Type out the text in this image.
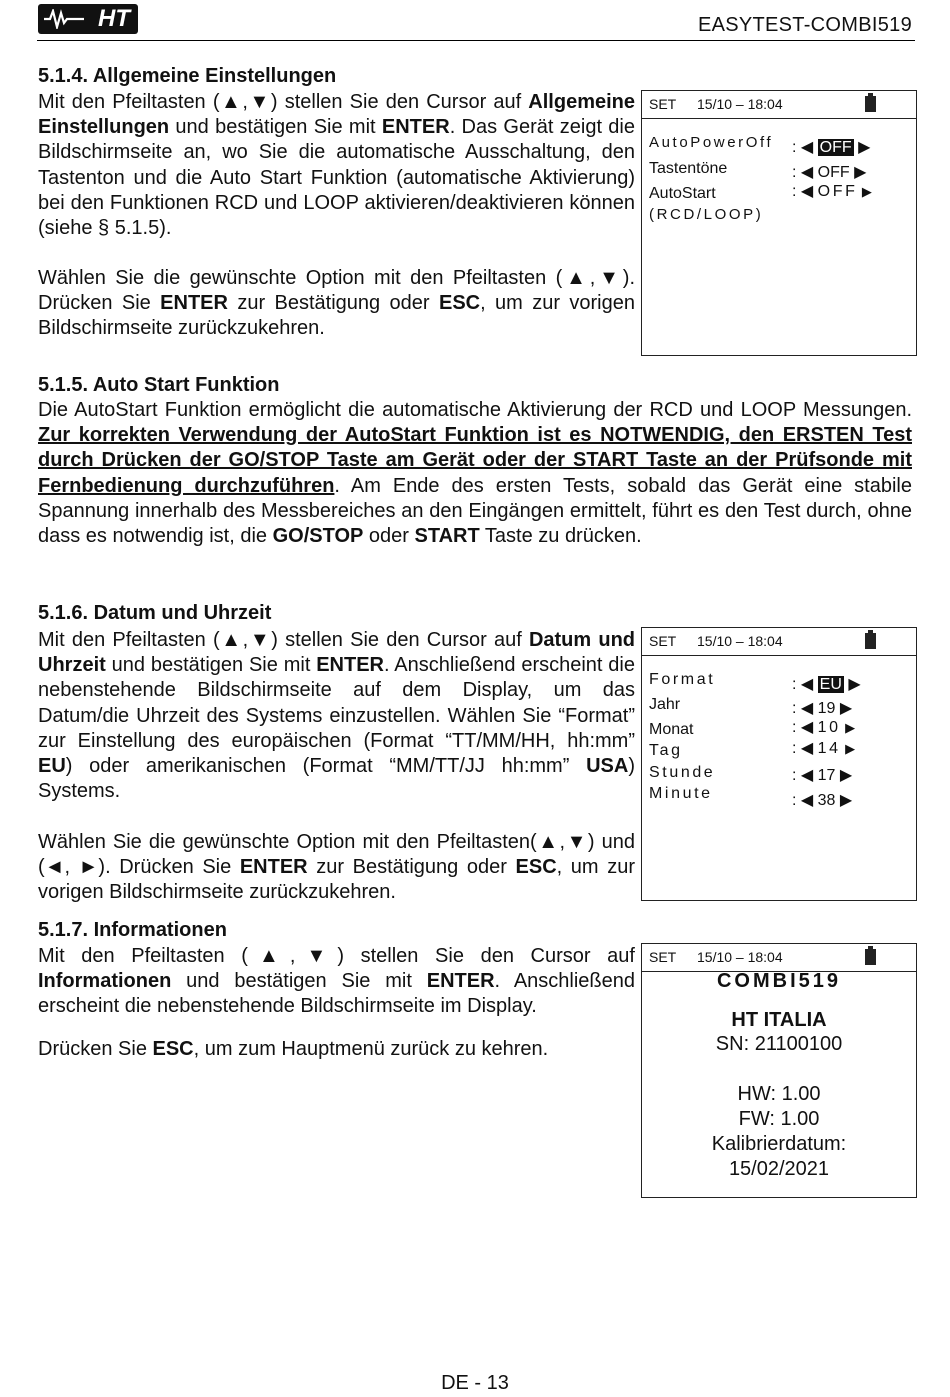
HT	EASYTEST-COMBI519
5.1.4. Allgemeine Einstellungen
Mit den Pfeiltasten (▲,▼) stellen Sie den Cursor auf Allgemeine Einstellungen und bestätigen Sie mit ENTER. Das Gerät zeigt die Bildschirmseite an, wo Sie die automatische Ausschaltung, den Tastenton und die Auto Start Funktion (automatische Aktivierung) bei den Funktionen RCD und LOOP aktivieren/deaktivieren können (siehe § 5.1.5).
Wählen Sie die gewünschte Option mit den Pfeiltasten (▲,▼). Drücken Sie ENTER zur Bestätigung oder ESC, um zur vorigen Bildschirmseite zurückzukehren.
SET 15/10 – 18:04
AutoPowerOff : ◀ OFF ▶
Tastentöne	: ◀ OFF ▶
AutoStart	: ◀ OFF ▶
(RCD/LOOP)
5.1.5. Auto Start Funktion
Die AutoStart Funktion ermöglicht die automatische Aktivierung der RCD und LOOP Messungen. Zur korrekten Verwendung der AutoStart Funktion ist es NOTWENDIG, den ERSTEN Test durch Drücken der GO/STOP Taste am Gerät oder der START Taste an der Prüfsonde mit Fernbedienung durchzuführen. Am Ende des ersten Tests, sobald das Gerät eine stabile Spannung innerhalb des Messbereiches an den Eingängen ermittelt, führt es den Test durch, ohne dass es notwendig ist, die GO/STOP oder START Taste zu drücken.
5.1.6. Datum und Uhrzeit
Mit den Pfeiltasten (▲,▼) stellen Sie den Cursor auf Datum und Uhrzeit und bestätigen Sie mit ENTER. Anschließend erscheint die nebenstehende Bildschirmseite auf dem Display, um das Datum/die Uhrzeit des Systems einzustellen. Wählen Sie “Format” zur Einstellung des europäischen (Format “TT/MM/HH, hh:mm” EU) oder amerikanischen (Format “MM/TT/JJ hh:mm” USA) Systems.
Wählen Sie die gewünschte Option mit den Pfeiltasten(▲,▼) und (◄, ►). Drücken Sie ENTER zur Bestätigung oder ESC, um zur vorigen Bildschirmseite zurückzukehren.
SET 15/10 – 18:04
Format	: ◀ EU ▶
Jahr	: ◀ 19 ▶
Monat	: ◀ 10 ▶
Tag	: ◀ 14 ▶
Stunde	: ◀ 17 ▶
Minute	: ◀ 38 ▶
5.1.7. Informationen
Mit den Pfeiltasten (▲,▼) stellen Sie den Cursor auf Informationen und bestätigen Sie mit ENTER. Anschließend erscheint die nebenstehende Bildschirmseite im Display.
Drücken Sie ESC, um zum Hauptmenü zurück zu kehren.
SET 15/10 – 18:04
COMBI519
HT ITALIA
SN: 21100100
HW: 1.00
FW: 1.00
Kalibrierdatum:
15/02/2021
DE - 13
